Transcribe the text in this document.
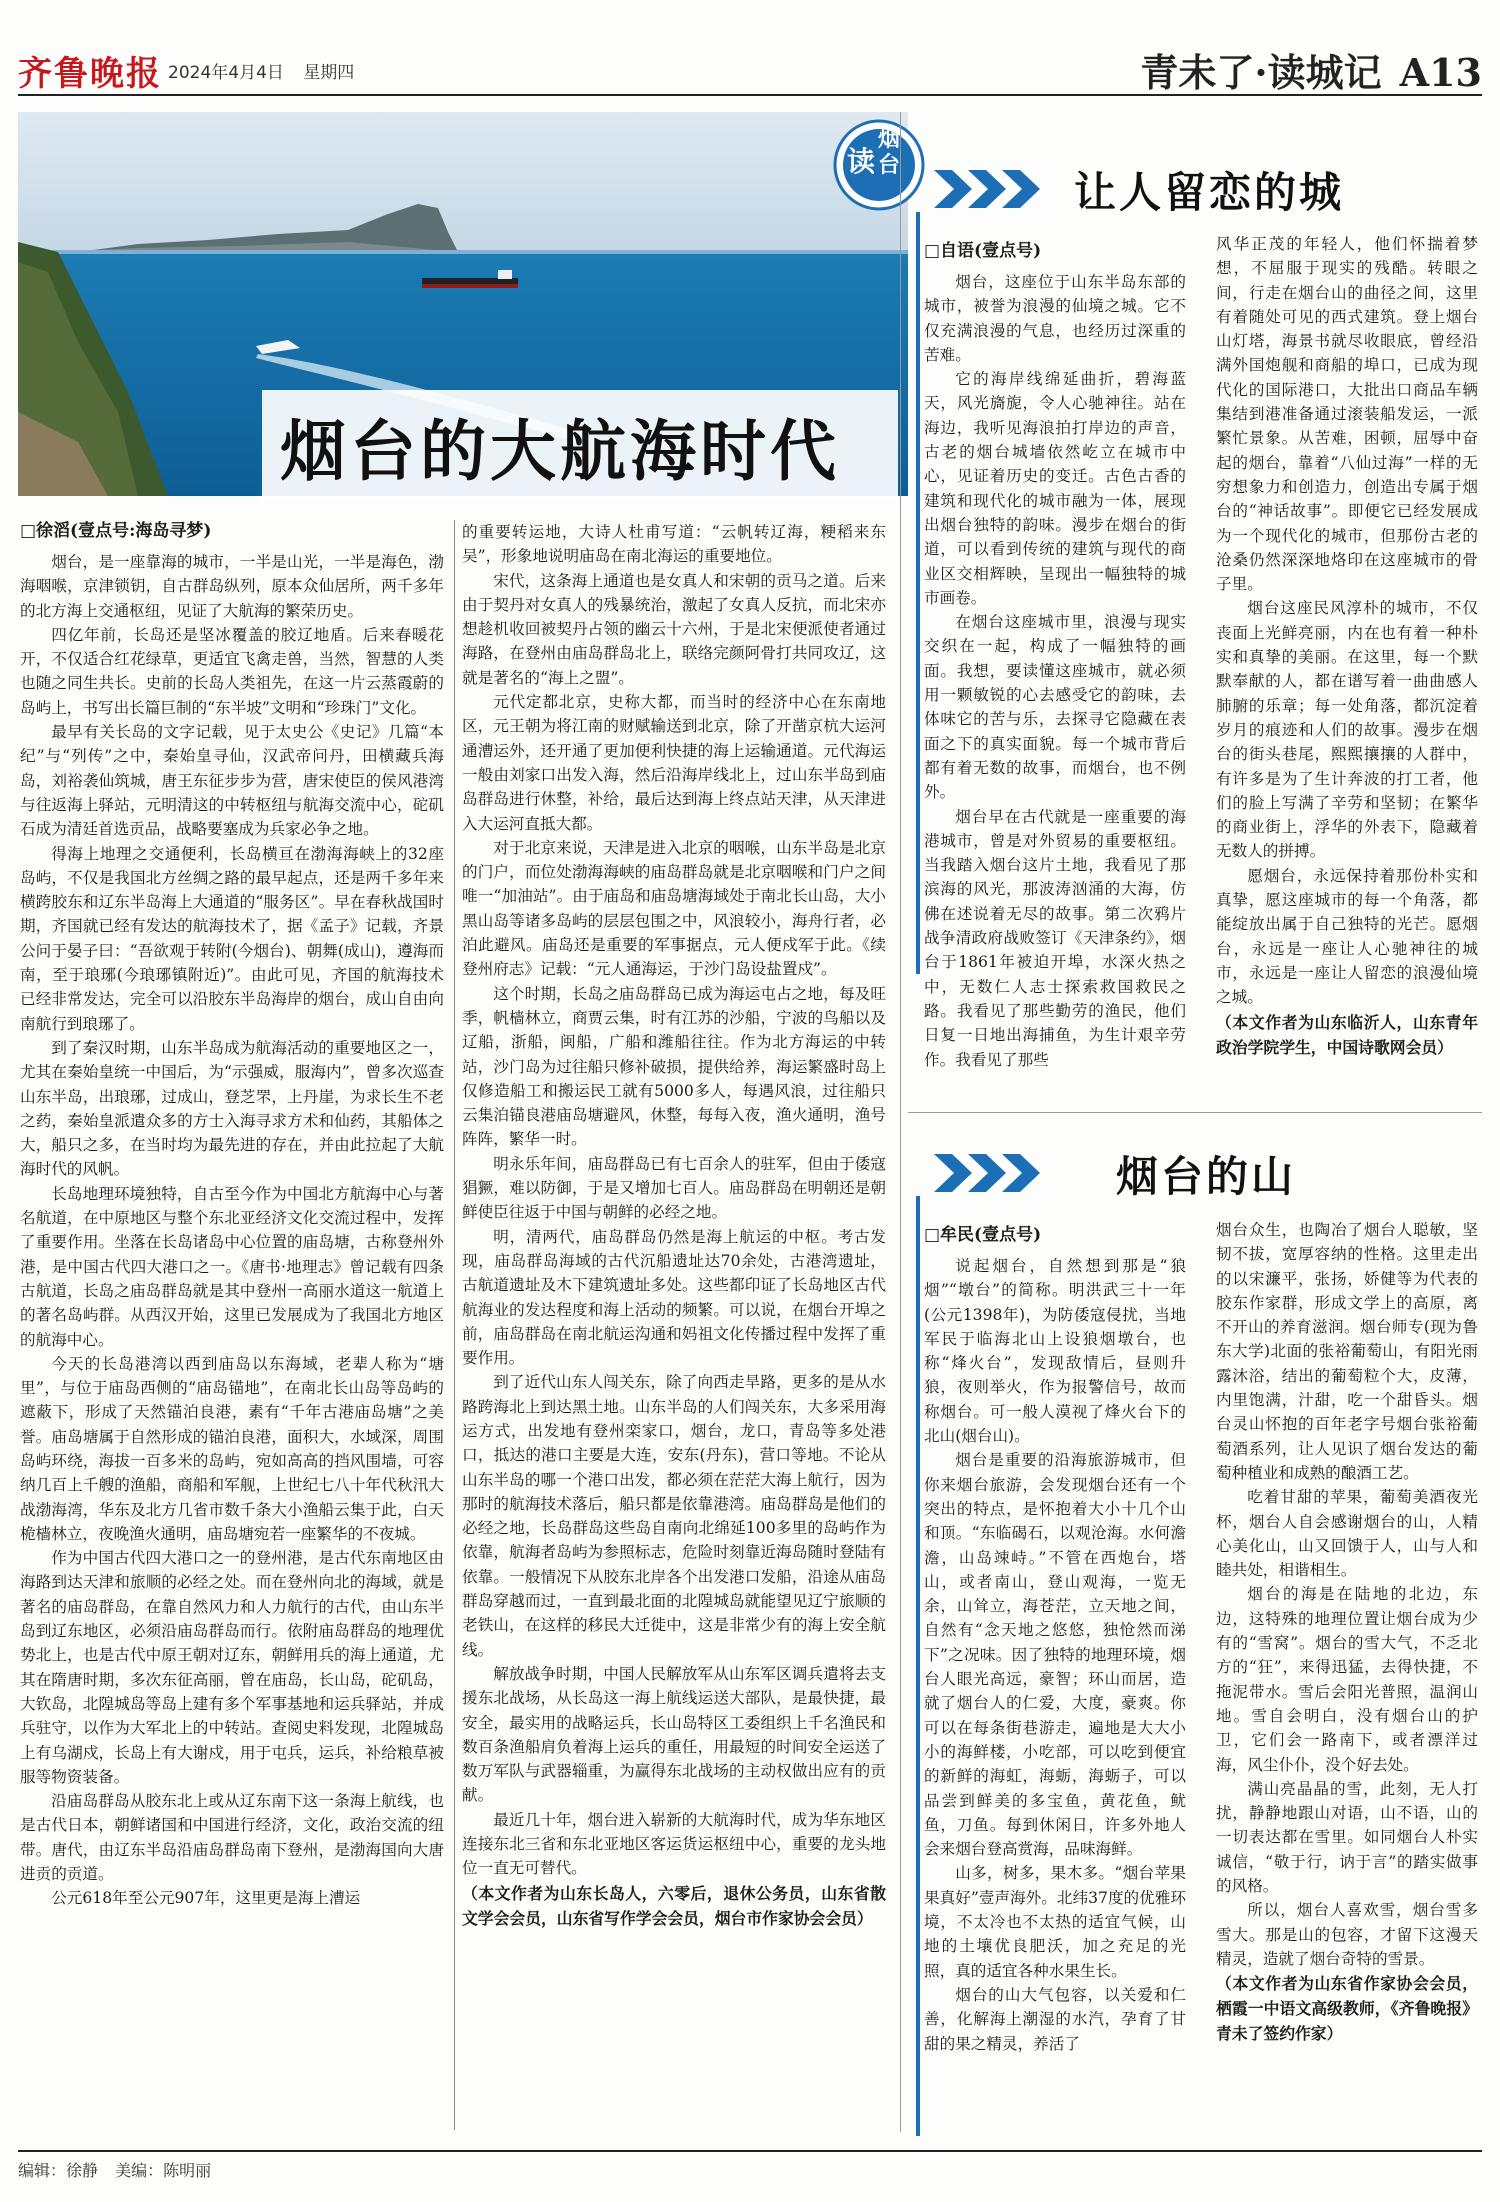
齐鲁晚报 2024年4月4日 星期四	青未了·读城记 A13
烟台的大航海时代
读
烟台
□徐滔(壹点号:海岛寻梦)

烟台，是一座靠海的城市，一半是山光，一半是海色，渤海咽喉，京津锁钥，自古群岛纵列，原本众仙居所，两千多年的北方海上交通枢纽，见证了大航海的繁荣历史。

四亿年前，长岛还是坚冰覆盖的胶辽地盾。后来春暖花开，不仅适合红花绿草，更适宜飞禽走兽，当然，智慧的人类也随之同生共长。史前的长岛人类祖先，在这一片云蒸霞蔚的岛屿上，书写出长篇巨制的“东半坡”文明和“珍珠门”文化。

最早有关长岛的文字记载，见于太史公《史记》几篇“本纪”与“列传”之中，秦始皇寻仙，汉武帝问丹，田横藏兵海岛，刘裕袭仙筑城，唐王东征步步为营，唐宋使臣的侯风港湾与往返海上驿站，元明清这的中转枢纽与航海交流中心，砣矶石成为清廷首选贡品，战略要塞成为兵家必争之地。

得海上地理之交通便利，长岛横亘在渤海海峡上的32座岛屿，不仅是我国北方丝绸之路的最早起点，还是两千多年来横跨胶东和辽东半岛海上大通道的“服务区”。早在春秋战国时期，齐国就已经有发达的航海技术了，据《孟子》记载，齐景公问于晏子曰：“吾欲观于转附(今烟台)、朝舞(成山)，遵海而南，至于琅琊(今琅琊镇附近)”。由此可见，齐国的航海技术已经非常发达，完全可以沿胶东半岛海岸的烟台，成山自由向南航行到琅琊了。

到了秦汉时期，山东半岛成为航海活动的重要地区之一，尤其在秦始皇统一中国后，为“示强威，服海内”，曾多次巡查山东半岛，出琅琊，过成山，登芝罘，上丹崖，为求长生不老之药，秦始皇派遣众多的方士入海寻求方术和仙药，其船体之大，船只之多，在当时均为最先进的存在，并由此拉起了大航海时代的风帆。

长岛地理环境独特，自古至今作为中国北方航海中心与著名航道，在中原地区与整个东北亚经济文化交流过程中，发挥了重要作用。坐落在长岛诸岛中心位置的庙岛塘，古称登州外港，是中国古代四大港口之一。《唐书·地理志》曾记载有四条古航道，长岛之庙岛群岛就是其中登州一高丽水道这一航道上的著名岛屿群。从西汉开始，这里已发展成为了我国北方地区的航海中心。

今天的长岛港湾以西到庙岛以东海域，老辈人称为“塘里”，与位于庙岛西侧的“庙岛锚地”，在南北长山岛等岛屿的遮蔽下，形成了天然锚泊良港，素有“千年古港庙岛塘”之美誉。庙岛塘属于自然形成的锚泊良港，面积大，水域深，周围岛屿环绕，海拔一百多米的岛屿，宛如高高的挡风围墙，可容纳几百上千艘的渔船，商船和军舰，上世纪七八十年代秋汛大战渤海湾，华东及北方几省市数千条大小渔船云集于此，白天桅樯林立，夜晚渔火通明，庙岛塘宛若一座繁华的不夜城。

作为中国古代四大港口之一的登州港，是古代东南地区由海路到达天津和旅顺的必经之处。而在登州向北的海域，就是著名的庙岛群岛，在靠自然风力和人力航行的古代，由山东半岛到辽东地区，必须沿庙岛群岛而行。依附庙岛群岛的地理优势北上，也是古代中原王朝对辽东，朝鲜用兵的海上通道，尤其在隋唐时期，多次东征高丽，曾在庙岛，长山岛，砣矶岛，大钦岛，北隍城岛等岛上建有多个军事基地和运兵驿站，并成兵驻守，以作为大军北上的中转站。查阅史料发现，北隍城岛上有乌湖戍，长岛上有大谢戍，用于屯兵，运兵，补给粮草被服等物资装备。

沿庙岛群岛从胶东北上或从辽东南下这一条海上航线，也是古代日本，朝鲜诸国和中国进行经济，文化，政治交流的纽带。唐代，由辽东半岛沿庙岛群岛南下登州，是渤海国向大唐进贡的贡道。

公元618年至公元907年，这里更是海上漕运

的重要转运地，大诗人杜甫写道：“云帆转辽海，粳稻来东吴”，形象地说明庙岛在南北海运的重要地位。

宋代，这条海上通道也是女真人和宋朝的贡马之道。后来由于契丹对女真人的残暴统治，激起了女真人反抗，而北宋亦想趁机收回被契丹占领的幽云十六州，于是北宋便派使者通过海路，在登州由庙岛群岛北上，联络完颜阿骨打共同攻辽，这就是著名的“海上之盟”。

元代定都北京，史称大都，而当时的经济中心在东南地区，元王朝为将江南的财赋输送到北京，除了开凿京杭大运河通漕运外，还开通了更加便利快捷的海上运输通道。元代海运一般由刘家口出发入海，然后沿海岸线北上，过山东半岛到庙岛群岛进行休整，补给，最后达到海上终点站天津，从天津进入大运河直抵大都。

对于北京来说，天津是进入北京的咽喉，山东半岛是北京的门户，而位处渤海海峡的庙岛群岛就是北京咽喉和门户之间唯一“加油站”。由于庙岛和庙岛塘海域处于南北长山岛，大小黑山岛等诸多岛屿的层层包围之中，风浪较小，海舟行者，必泊此避风。庙岛还是重要的军事据点，元人便戍军于此。《续登州府志》记载：“元人通海运，于沙门岛设盐置戍”。

这个时期，长岛之庙岛群岛已成为海运屯占之地，每及旺季，帆樯林立，商贾云集，时有江苏的沙船，宁波的鸟船以及辽船，浙船，闽船，广船和潍船往往。作为北方海运的中转站，沙门岛为过往船只修补破损，提供给养，海运繁盛时岛上仅修造船工和搬运民工就有5000多人，每遇风浪，过往船只云集泊锚良港庙岛塘避风，休整，每每入夜，渔火通明，渔号阵阵，繁华一时。

明永乐年间，庙岛群岛已有七百余人的驻军，但由于倭寇猖獗，难以防御，于是又增加七百人。庙岛群岛在明朝还是朝鲜使臣往返于中国与朝鲜的必经之地。

明，清两代，庙岛群岛仍然是海上航运的中枢。考古发现，庙岛群岛海域的古代沉船遗址达70余处，古港湾遗址，古航道遗址及木下建筑遗址多处。这些都印证了长岛地区古代航海业的发达程度和海上活动的频繁。可以说，在烟台开埠之前，庙岛群岛在南北航运沟通和妈祖文化传播过程中发挥了重要作用。

到了近代山东人闯关东，除了向西走旱路，更多的是从水路跨海北上到达黑土地。山东半岛的人们闯关东，大多采用海运方式，出发地有登州栾家口，烟台，龙口，青岛等多处港口，抵达的港口主要是大连，安东(丹东)，营口等地。不论从山东半岛的哪一个港口出发，都必须在茫茫大海上航行，因为那时的航海技术落后，船只都是依靠港湾。庙岛群岛是他们的必经之地，长岛群岛这些岛自南向北绵延100多里的岛屿作为依靠，航海者岛屿为参照标志，危险时刻靠近海岛随时登陆有依靠。一般情况下从胶东北岸各个出发港口发船，沿途从庙岛群岛穿越而过，一直到最北面的北隍城岛就能望见辽宁旅顺的老铁山，在这样的移民大迁徙中，这是非常少有的海上安全航线。

解放战争时期，中国人民解放军从山东军区调兵遣将去支援东北战场，从长岛这一海上航线运送大部队，是最快捷，最安全，最实用的战略运兵，长山岛特区工委组织上千名渔民和数百条渔船肩负着海上运兵的重任，用最短的时间安全运送了数万军队与武器辎重，为赢得东北战场的主动权做出应有的贡献。

最近几十年，烟台进入崭新的大航海时代，成为华东地区连接东北三省和东北亚地区客运货运枢纽中心，重要的龙头地位一直无可替代。

（本文作者为山东长岛人，六零后，退休公务员，山东省散文学会会员，山东省写作学会会员，烟台市作家协会会员）

让人留恋的城
□自语(壹点号)

烟台，这座位于山东半岛东部的城市，被誉为浪漫的仙境之城。它不仅充满浪漫的气息，也经历过深重的苦难。

它的海岸线绵延曲折，碧海蓝天，风光旖旎，令人心驰神往。站在海边，我听见海浪拍打岸边的声音，古老的烟台城墙依然屹立在城市中心，见证着历史的变迁。古色古香的建筑和现代化的城市融为一体，展现出烟台独特的韵味。漫步在烟台的街道，可以看到传统的建筑与现代的商业区交相辉映，呈现出一幅独特的城市画卷。

在烟台这座城市里，浪漫与现实交织在一起，构成了一幅独特的画面。我想，要读懂这座城市，就必须用一颗敏锐的心去感受它的韵味，去体味它的苦与乐，去探寻它隐藏在表面之下的真实面貌。每一个城市背后都有着无数的故事，而烟台，也不例外。

烟台早在古代就是一座重要的海港城市，曾是对外贸易的重要枢纽。当我踏入烟台这片土地，我看见了那滨海的风光，那波涛汹涌的大海，仿佛在述说着无尽的故事。第二次鸦片战争清政府战败签订《天津条约》，烟台于1861年被迫开埠，水深火热之中，无数仁人志士探索救国救民之路。我看见了那些勤劳的渔民，他们日复一日地出海捕鱼，为生计艰辛劳作。我看见了那些

风华正茂的年轻人，他们怀揣着梦想，不屈服于现实的残酷。转眼之间，行走在烟台山的曲径之间，这里有着随处可见的西式建筑。登上烟台山灯塔，海景书就尽收眼底，曾经沿满外国炮舰和商船的埠口，已成为现代化的国际港口，大批出口商品车辆集结到港准备通过滚装船发运，一派繁忙景象。从苦难，困顿，屈辱中奋起的烟台，靠着“八仙过海”一样的无穷想象力和创造力，创造出专属于烟台的“神话故事”。即便它已经发展成为一个现代化的城市，但那份古老的沧桑仍然深深地烙印在这座城市的骨子里。

烟台这座民风淳朴的城市，不仅丧面上光鲜亮丽，内在也有着一种朴实和真挚的美丽。在这里，每一个默默奉献的人，都在谱写着一曲曲感人肺腑的乐章；每一处角落，都沉淀着岁月的痕迹和人们的故事。漫步在烟台的街头巷尾，熙熙攘攘的人群中，有许多是为了生计奔波的打工者，他们的脸上写满了辛劳和坚韧；在繁华的商业街上，浮华的外表下，隐藏着无数人的拼搏。

愿烟台，永远保持着那份朴实和真挚，愿这座城市的每一个角落，都能绽放出属于自己独特的光芒。愿烟台，永远是一座让人心驰神往的城市，永远是一座让人留恋的浪漫仙境之城。

（本文作者为山东临沂人，山东青年政治学院学生，中国诗歌网会员）

烟台的山
□牟民(壹点号)

说起烟台，自然想到那是“狼烟”“墩台”的简称。明洪武三十一年(公元1398年)，为防倭寇侵扰，当地军民于临海北山上设狼烟墩台，也称“烽火台”，发现敌情后，昼则升狼，夜则举火，作为报警信号，故而称烟台。可一般人漠视了烽火台下的北山(烟台山)。

烟台是重要的沿海旅游城市，但你来烟台旅游，会发现烟台还有一个突出的特点，是怀抱着大小十几个山和顶。“东临碣石，以观沧海。水何澹澹，山岛竦峙。”不管在西炮台，塔山，或者南山，登山观海，一览无余，山耸立，海苍茫，立天地之间，自然有“念天地之悠悠，独怆然而涕下”之况味。因了独特的地理环境，烟台人眼光高远，豪智；环山而居，造就了烟台人的仁爱，大度，豪爽。你可以在每条街巷游走，遍地是大大小小的海鲜楼，小吃部，可以吃到便宜的新鲜的海虹，海蛎，海蛎子，可以品尝到鲜美的多宝鱼，黄花鱼，鱿鱼，刀鱼。每到休闲日，许多外地人会来烟台登高赏海，品味海鲜。

山多，树多，果木多。“烟台苹果果真好”壹声海外。北纬37度的优雅环境，不太冷也不太热的适宜气候，山地的土壤优良肥沃，加之充足的光照，真的适宜各种水果生长。

烟台的山大气包容，以关爱和仁善，化解海上潮湿的水汽，孕育了甘甜的果之精灵，养活了

烟台众生，也陶冶了烟台人聪敏，坚韧不拔，宽厚容纳的性格。这里走出的以宋濂平，张扬，娇健等为代表的胶东作家群，形成文学上的高原，离不开山的养育滋润。烟台师专(现为鲁东大学)北面的张裕葡萄山，有阳光雨露沐浴，结出的葡萄粒个大，皮薄，内里饱满，汁甜，吃一个甜昏头。烟台灵山怀抱的百年老字号烟台张裕葡萄酒系列，让人见识了烟台发达的葡萄种植业和成熟的酿酒工艺。

吃着甘甜的苹果，葡萄美酒夜光杯，烟台人自会感谢烟台的山，人精心美化山，山又回馈于人，山与人和睦共处，相谐相生。

烟台的海是在陆地的北边，东边，这特殊的地理位置让烟台成为少有的“雪窝”。烟台的雪大气，不乏北方的“狂”，来得迅猛，去得快捷，不拖泥带水。雪后会阳光普照，温润山地。雪自会明白，没有烟台山的护卫，它们会一路南下，或者漂洋过海，风尘仆仆，没个好去处。

满山亮晶晶的雪，此刻，无人打扰，静静地跟山对语，山不语，山的一切表达都在雪里。如同烟台人朴实诚信，“敬于行，讷于言”的踏实做事的风格。

所以，烟台人喜欢雪，烟台雪多雪大。那是山的包容，才留下这漫天精灵，造就了烟台奇特的雪景。

（本文作者为山东省作家协会会员，栖霞一中语文高级教师，《齐鲁晚报》青未了签约作家）

编辑：徐静 美编：陈明丽
